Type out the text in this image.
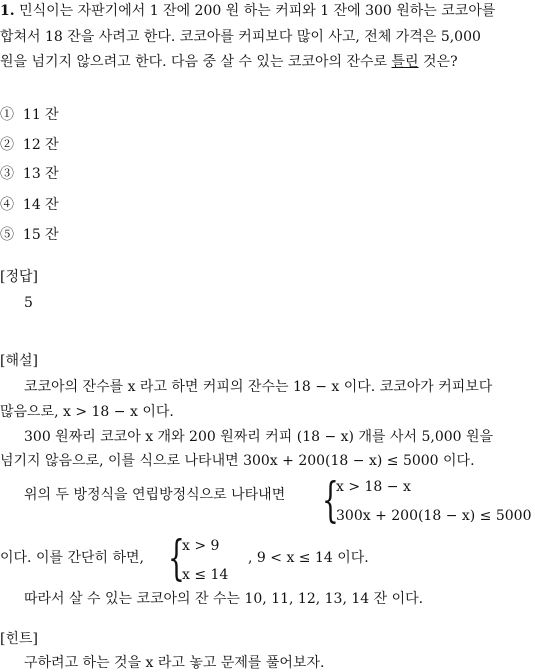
1. 민식이는 자판기에서 1 잔에 200 원 하는 커피와 1 잔에 300 원하는 코코아를
합쳐서 18 잔을 사려고 한다. 코코아를 커피보다 많이 사고, 전체 가격은 5,000
원을 넘기지 않으려고 한다. 다음 중 살 수 있는 코코아의 잔수로 틀린 것은?
① 11 잔
② 12 잔
③ 13 잔
④ 14 잔
⑤ 15 잔
[정답]
5
[해설]
코코아의 잔수를 x 라고 하면 커피의 잔수는 18 − x 이다. 코코아가 커피보다
많음으로, x > 18 − x 이다.
300 원짜리 코코아 x 개와 200 원짜리 커피 (18 − x) 개를 사서 5,000 원을
넘기지 않음으로, 이를 식으로 나타내면 300x + 200(18 − x) ≤ 5000 이다.
위의 두 방정식을 연립방정식으로 나타내면 {
x > 18 − x
300x + 200(18 − x) ≤ 5000
이다. 이를 간단히 하면, {
x > 9
x ≤ 14
, 9 < x ≤ 14 이다.
따라서 살 수 있는 코코아의 잔 수는 10, 11, 12, 13, 14 잔 이다.
[힌트]
구하려고 하는 것을 x 라고 놓고 문제를 풀어보자.
